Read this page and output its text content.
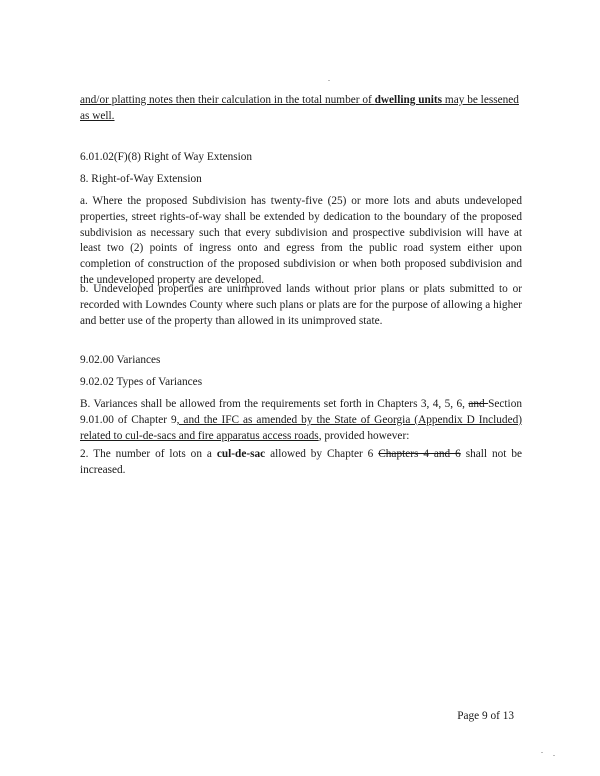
and/or platting notes then their calculation in the total number of dwelling units may be lessened
as well.

6.01.02(F)(8) Right of Way Extension

8. Right-of-Way Extension

a. Where the proposed Subdivision has twenty-five (25) or more lots and abuts undeveloped properties, street rights-of-way shall be extended by dedication to the boundary of the proposed subdivision as necessary such that every subdivision and prospective subdivision will have at least two (2) points of ingress onto and egress from the public road system either upon completion of construction of the proposed subdivision or when both proposed subdivision and the undeveloped property are developed.

b. Undeveloped properties are unimproved lands without prior plans or plats submitted to or recorded with Lowndes County where such plans or plats are for the purpose of allowing a higher and better use of the property than allowed in its unimproved state.

9.02.00 Variances

9.02.02 Types of Variances

B. Variances shall be allowed from the requirements set forth in Chapters 3, 4, 5, 6, and Section 9.01.00 of Chapter 9, and the IFC as amended by the State of Georgia (Appendix D Included) related to cul-de-sacs and fire apparatus access roads, provided however:

2. The number of lots on a cul-de-sac allowed by Chapter 6 Chapters 4 and 6 shall not be increased.

Page 9 of 13
